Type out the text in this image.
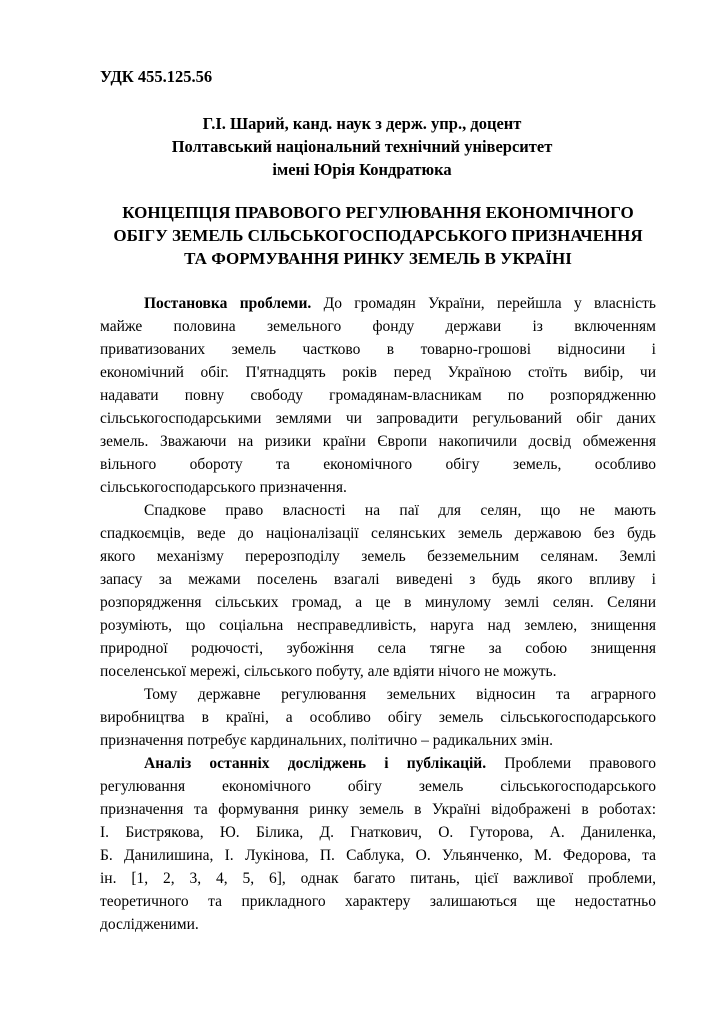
УДК 455.125.56
Г.І. Шарий, канд. наук з держ. упр., доцент
Полтавський національний технічний університет
імені Юрія Кондратюка
КОНЦЕПЦІЯ ПРАВОВОГО РЕГУЛЮВАННЯ ЕКОНОМІЧНОГО
ОБІГУ ЗЕМЕЛЬ СІЛЬСЬКОГОСПОДАРСЬКОГО ПРИЗНАЧЕННЯ
ТА ФОРМУВАННЯ РИНКУ ЗЕМЕЛЬ В УКРАЇНІ
Постановка проблеми. До громадян України, перейшла у власність
майже половина земельного фонду держави із включенням
приватизованих земель частково в товарно-грошові відносини і
економічний обіг. П'ятнадцять років перед Україною стоїть вибір, чи
надавати повну свободу громадянам-власникам по розпорядженню
сільськогосподарськими землями чи запровадити регульований обіг даних
земель. Зважаючи на ризики країни Європи накопичили досвід обмеження
вільного обороту та економічного обігу земель, особливо
сільськогосподарського призначення.
Спадкове право власності на паї для селян, що не мають
спадкоємців, веде до націоналізації селянських земель державою без будь
якого механізму перерозподілу земель безземельним селянам. Землі
запасу за межами поселень взагалі виведені з будь якого впливу і
розпорядження сільських громад, а це в минулому землі селян. Селяни
розуміють, що соціальна несправедливість, наруга над землею, знищення
природної родючості, зубожіння села тягне за собою знищення
поселенської мережі, сільського побуту, але вдіяти нічого не можуть.
Тому державне регулювання земельних відносин та аграрного
виробництва в країні, а особливо обігу земель сільськогосподарського
призначення потребує кардинальних, політично – радикальних змін.
Аналіз останніх досліджень і публікацій. Проблеми правового
регулювання економічного обігу земель сільськогосподарського
призначення та формування ринку земель в Україні відображені в роботах:
І. Бистрякова, Ю. Білика, Д. Гнаткович, О. Гуторова, А. Даниленка,
Б. Данилишина, І. Лукінова, П. Саблука, О. Ульянченко, М. Федорова, та
ін. [1, 2, 3, 4, 5, 6], однак багато питань, цієї важливої проблеми,
теоретичного та прикладного характеру залишаються ще недостатньо
дослідженими.
